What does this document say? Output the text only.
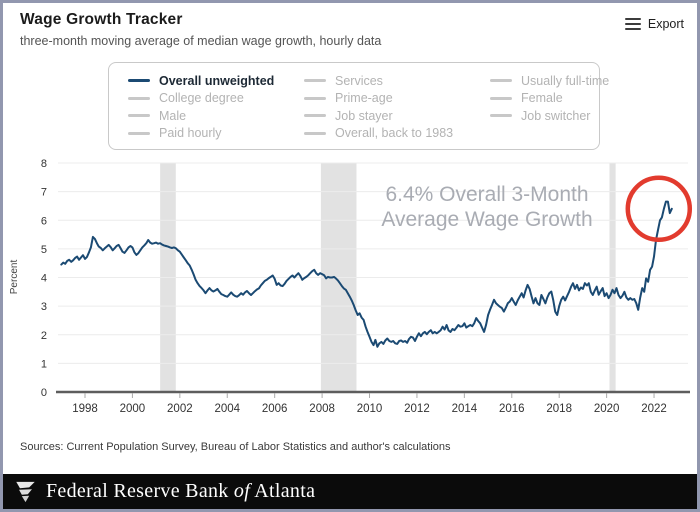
Wage Growth Tracker
three-month moving average of median wage growth, hourly data
Export
Overall unweighted
College degree
Male
Paid hourly
Services
Prime-age
Job stayer
Overall, back to 1983
Usually full-time
Female
Job switcher
0
1
2
3
4
5
6
7
8
Percent
6.4% Overall 3-Month
Average Wage Growth
1998 2000 2002 2004 2006 2008 2010 2012 2014 2016 2018 2020 2022
Sources: Current Population Survey, Bureau of Labor Statistics and author's calculations
Federal Reserve Bank of Atlanta
